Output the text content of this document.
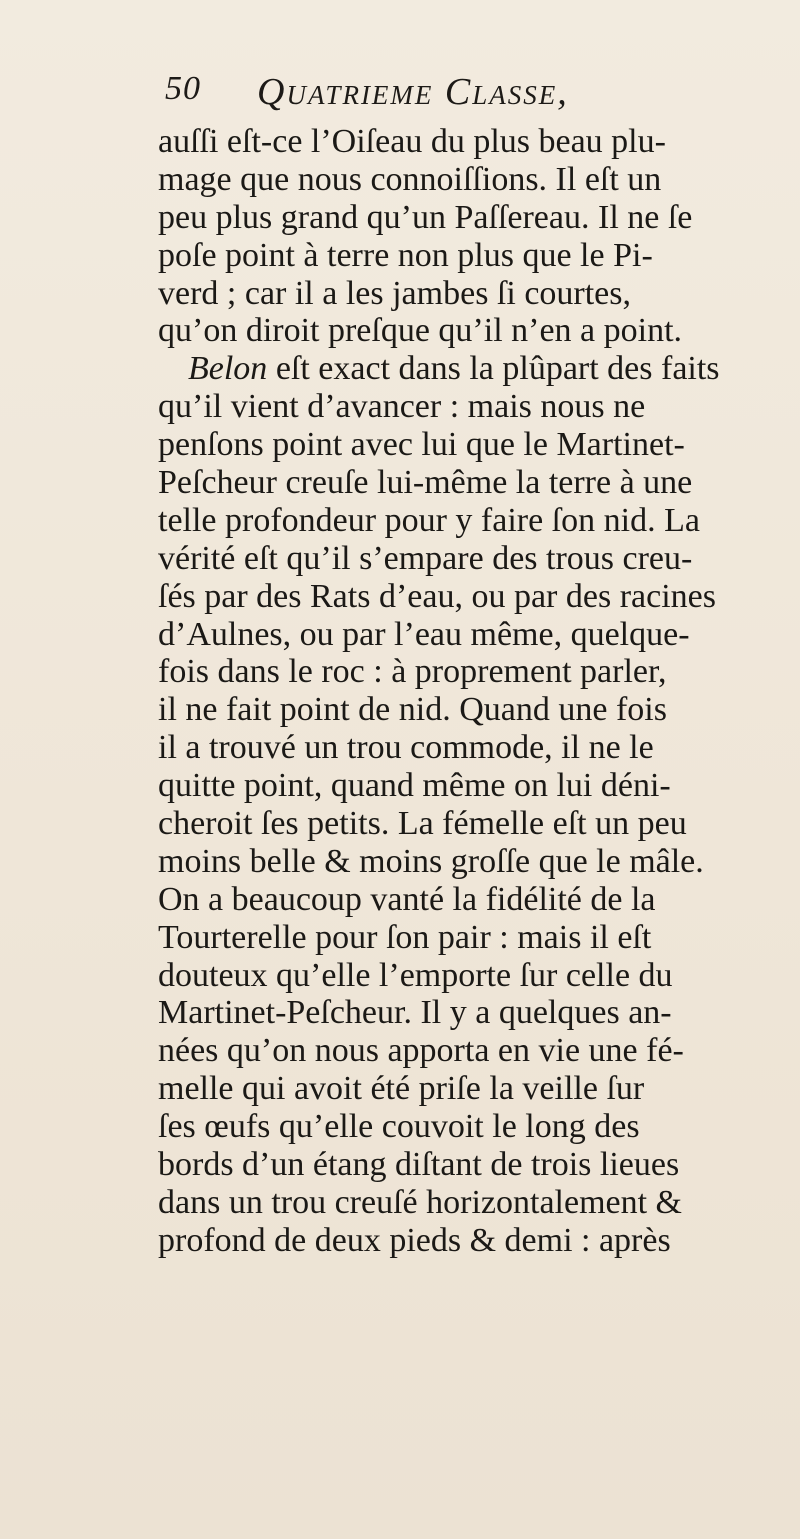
50 Quatrieme Classe,
auſſi eſt-ce l’Oiſeau du plus beau plu-
mage que nous connoiſſions. Il eſt un
peu plus grand qu’un Paſſereau. Il ne ſe
poſe point à terre non plus que le Pi-
verd ; car il a les jambes ſi courtes,
qu’on diroit preſque qu’il n’en a point.
Belon eſt exact dans la plûpart des faits
qu’il vient d’avancer : mais nous ne
penſons point avec lui que le Martinet-
Peſcheur creuſe lui-même la terre à une
telle profondeur pour y faire ſon nid. La
vérité eſt qu’il s’empare des trous creu-
ſés par des Rats d’eau, ou par des racines
d’Aulnes, ou par l’eau même, quelque-
fois dans le roc : à proprement parler,
il ne fait point de nid. Quand une fois
il a trouvé un trou commode, il ne le
quitte point, quand même on lui déni-
cheroit ſes petits. La fémelle eſt un peu
moins belle & moins groſſe que le mâle.
On a beaucoup vanté la fidélité de la
Tourterelle pour ſon pair : mais il eſt
douteux qu’elle l’emporte ſur celle du
Martinet-Peſcheur. Il y a quelques an-
nées qu’on nous apporta en vie une fé-
melle qui avoit été priſe la veille ſur
ſes œufs qu’elle couvoit le long des
bords d’un étang diſtant de trois lieues
dans un trou creuſé horizontalement &
profond de deux pieds & demi : après
